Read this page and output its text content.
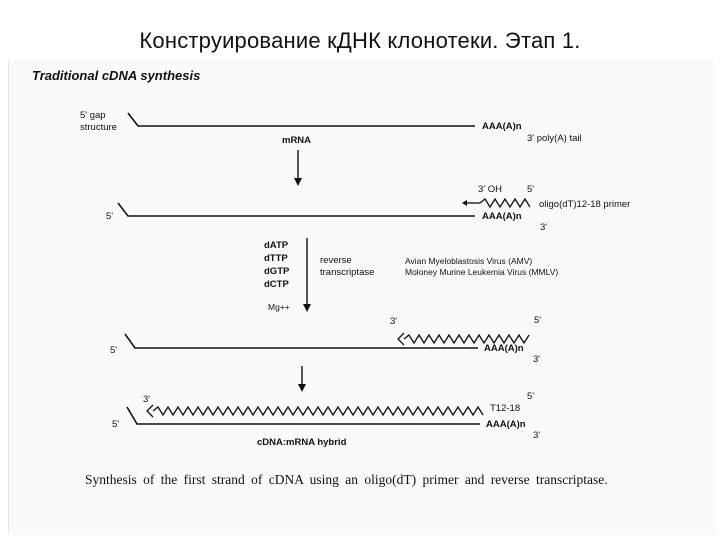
Конструирование кДНК клонотеки. Этап 1.
Traditional cDNA synthesis
5' gap
structure	AAA(A)n
3' poly(A) tail
mRNA
3' OH	5'
oligo(dT)12-18 primer
5'	AAA(A)n
3'
dATP
dTTP
dGTP
dCTP
Mg++
reverse
transcriptase
Avian Myeloblastosis Virus (AMV)
Moloney Murine Leukemia Virus (MMLV)
3'	5'
5'	AAA(A)n
3'
3'	5'
T12-18
5'	AAA(A)n
3'
cDNA:mRNA hybrid
Synthesis of the first strand of cDNA using an oligo(dT) primer and reverse transcriptase.
